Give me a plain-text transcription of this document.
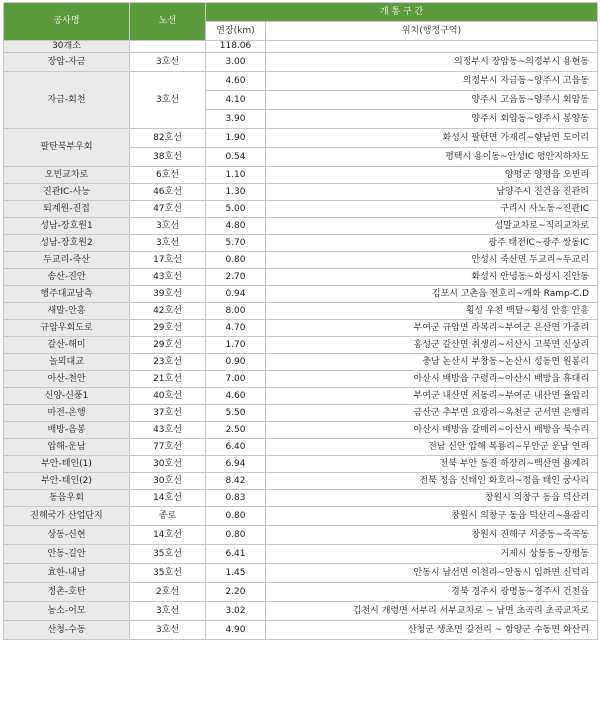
공사명	노선	개 통 구 간	
		연장(km)	위치(행정구역)
30개소		118.06	
장암-자금	3호선	3.00	의정부시 장암동~의정부시 용현동
자금-회천	3호선	4.60	의정부시 자금동~양주시 고읍동
		4.10	양주시 고읍동~양주시 회암동
		3.90	양주시 회암동~양주시 봉양동
팔탄북부우회	82호선	1.90	화성시 팔탄면 가재리~향남면 도이리
	38호선	0.54	평택시 용이동~안성IC 평안지하차도
오빈교차로	6호선	1.10	양평군 양평읍 오빈리
진관IC-사능	46호선	1.30	남양주시 진건읍 진관리
퇴계원-진접	47호선	5.00	구리시 사노동~진관IC
성남-장호원1	3호선	4.80	섬말교차로~직리교차로
성남-장호원2	3호선	5.70	광주 태전IC~광주 쌍동IC
두교리-죽산	17호선	0.80	안성시 죽산면 두교리~두교리
송산-진안	43호선	2.70	화성시 안녕동~화성시 진안동
행주대교남측	39호선	0.94	김포시 고촌읍 전호리~개화 Ramp-C.D
새말-안흥	42호선	8.00	횡성 우천 백달~횡성 안흥 안흥
규암우회도로	29호선	4.70	부여군 규암면 라복리~부여군 은산면 가중리
갈산-해미	29호선	1.70	홍성군 갈산면 취생리~서산시 고북면 신상리
놀뫼대교	23호선	0.90	충남 논산시 부창동~논산시 성동면 원봉리
아산-천안	21호선	7.00	아산시 배방읍 구령리~아산시 배방읍 휴대리
신양-신풍1	40호선	4.60	부여군 내산면 저동리~부여군 내산면 율암리
마전-은행	37호선	5.50	금산군 추부면 요광리~옥천군 군서면 은행리
배방-음봉	43호선	2.50	아산시 배방읍 갈매리~아산시 배방읍 북수리
압해-운남	77호선	6.40	전남 신안 압해 복룡리~무안군 운남 연리
부안-태인(1)	30호선	6.94	전북 부안 동진 하장리~백산면 용계리
부안-태인(2)	30호선	8.42	전북 정읍 신태인 화호리~정읍 태인 궁사리
동읍우회	14호선	0.83	창원시 의창구 동읍 덕산리
진해국가 산업단지	종로	0.80	창원시 의창구 동읍 덕산리~용잠리
상동-신현	14호선	0.80	창원시 진해구 서중동~죽곡동
안동-길안	35호선	6.41	거제시 상동동~장평동
효한-내남	35호선	1.45	안동시 남선면 이천리~안동시 임하면 신덕리
정촌-호탄	2호선	2.20	경북 경주시 광명동~경주시 건천읍
농소-어모	3호선	3.02	김천시 개령면 서부리 서부교차로 ~ 남면 초곡리 초곡교차로
산청-수동	3호선	4.90	산청군 생초면 갈전리 ~ 함양군 수동면 화산리
